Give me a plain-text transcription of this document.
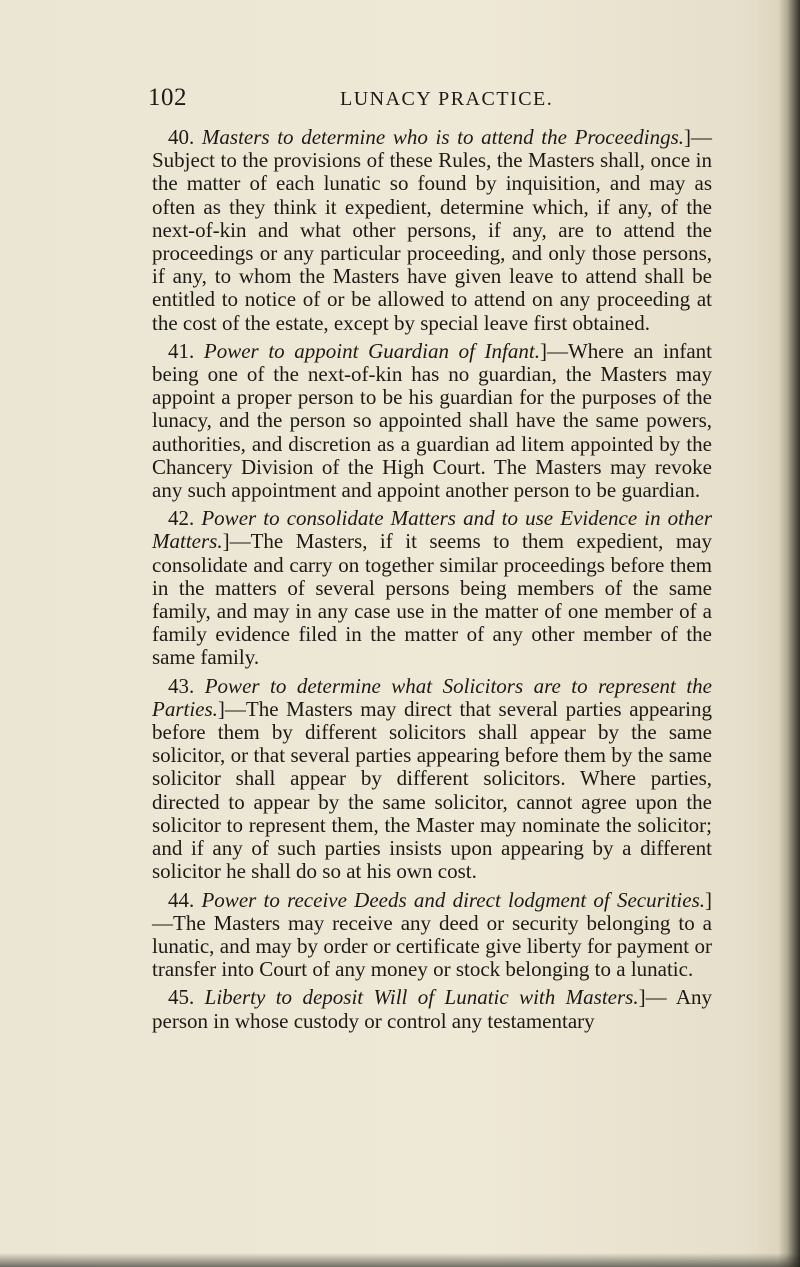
102	LUNACY PRACTICE.

40. Masters to determine who is to attend the Proceedings.]— Subject to the provisions of these Rules, the Masters shall, once in the matter of each lunatic so found by inquisition, and may as often as they think it expedient, determine which, if any, of the next-of-kin and what other persons, if any, are to attend the proceedings or any particular proceeding, and only those persons, if any, to whom the Masters have given leave to attend shall be entitled to notice of or be allowed to attend on any proceeding at the cost of the estate, except by special leave first obtained.

41. Power to appoint Guardian of Infant.]—Where an infant being one of the next-of-kin has no guardian, the Masters may appoint a proper person to be his guardian for the purposes of the lunacy, and the person so appointed shall have the same powers, authorities, and discretion as a guardian ad litem appointed by the Chancery Division of the High Court. The Masters may revoke any such appointment and appoint another person to be guardian.

42. Power to consolidate Matters and to use Evidence in other Matters.]—The Masters, if it seems to them expedient, may consolidate and carry on together similar proceedings before them in the matters of several persons being members of the same family, and may in any case use in the matter of one member of a family evidence filed in the matter of any other member of the same family.

43. Power to determine what Solicitors are to represent the Parties.]—The Masters may direct that several parties appearing before them by different solicitors shall appear by the same solicitor, or that several parties appearing before them by the same solicitor shall appear by different solicitors. Where parties, directed to appear by the same solicitor, cannot agree upon the solicitor to represent them, the Master may nominate the solicitor; and if any of such parties insists upon appearing by a different solicitor he shall do so at his own cost.

44. Power to receive Deeds and direct lodgment of Securities.] —The Masters may receive any deed or security belonging to a lunatic, and may by order or certificate give liberty for payment or transfer into Court of any money or stock belonging to a lunatic.

45. Liberty to deposit Will of Lunatic with Masters.]— Any person in whose custody or control any testamentary
